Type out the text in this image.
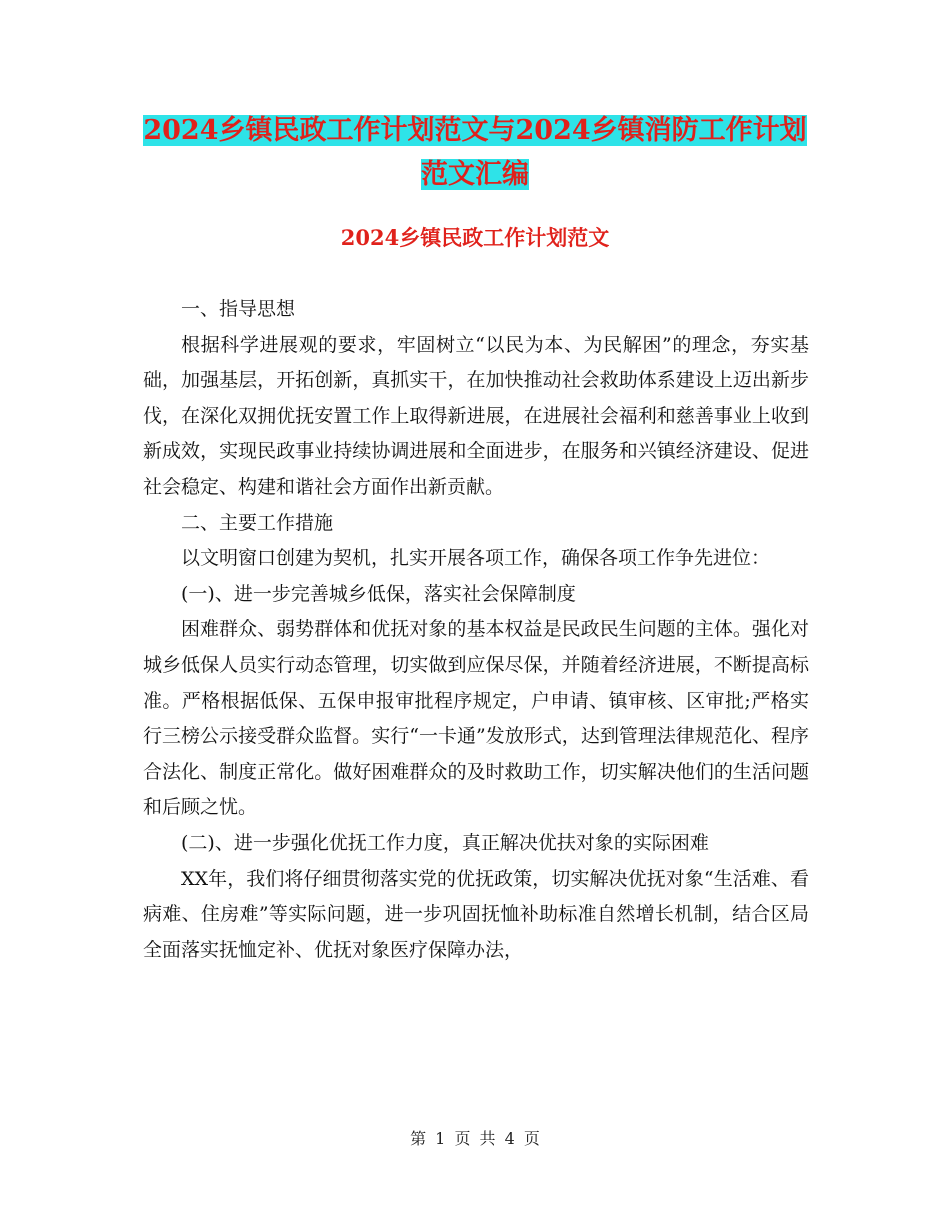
2024乡镇民政工作计划范文与2024乡镇消防工作计划
范文汇编
2024乡镇民政工作计划范文

一、指导思想

根据科学进展观的要求，牢固树立“以民为本、为民解困”的理念，夯实基础，加强基层，开拓创新，真抓实干，在加快推动社会救助体系建设上迈出新步伐，在深化双拥优抚安置工作上取得新进展，在进展社会福利和慈善事业上收到新成效，实现民政事业持续协调进展和全面进步，在服务和兴镇经济建设、促进社会稳定、构建和谐社会方面作出新贡献。

二、主要工作措施

以文明窗口创建为契机，扎实开展各项工作，确保各项工作争先进位：

(一)、进一步完善城乡低保，落实社会保障制度

困难群众、弱势群体和优抚对象的基本权益是民政民生问题的主体。强化对城乡低保人员实行动态管理，切实做到应保尽保，并随着经济进展，不断提高标准。严格根据低保、五保申报审批程序规定，户申请、镇审核、区审批;严格实行三榜公示接受群众监督。实行“一卡通”发放形式，达到管理法律规范化、程序合法化、制度正常化。做好困难群众的及时救助工作，切实解决他们的生活问题和后顾之忧。

(二)、进一步强化优抚工作力度，真正解决优扶对象的实际困难

XX年，我们将仔细贯彻落实党的优抚政策，切实解决优抚对象“生活难、看病难、住房难”等实际问题，进一步巩固抚恤补助标准自然增长机制，结合区局全面落实抚恤定补、优抚对象医疗保障办法，

第 1 页 共 4 页
